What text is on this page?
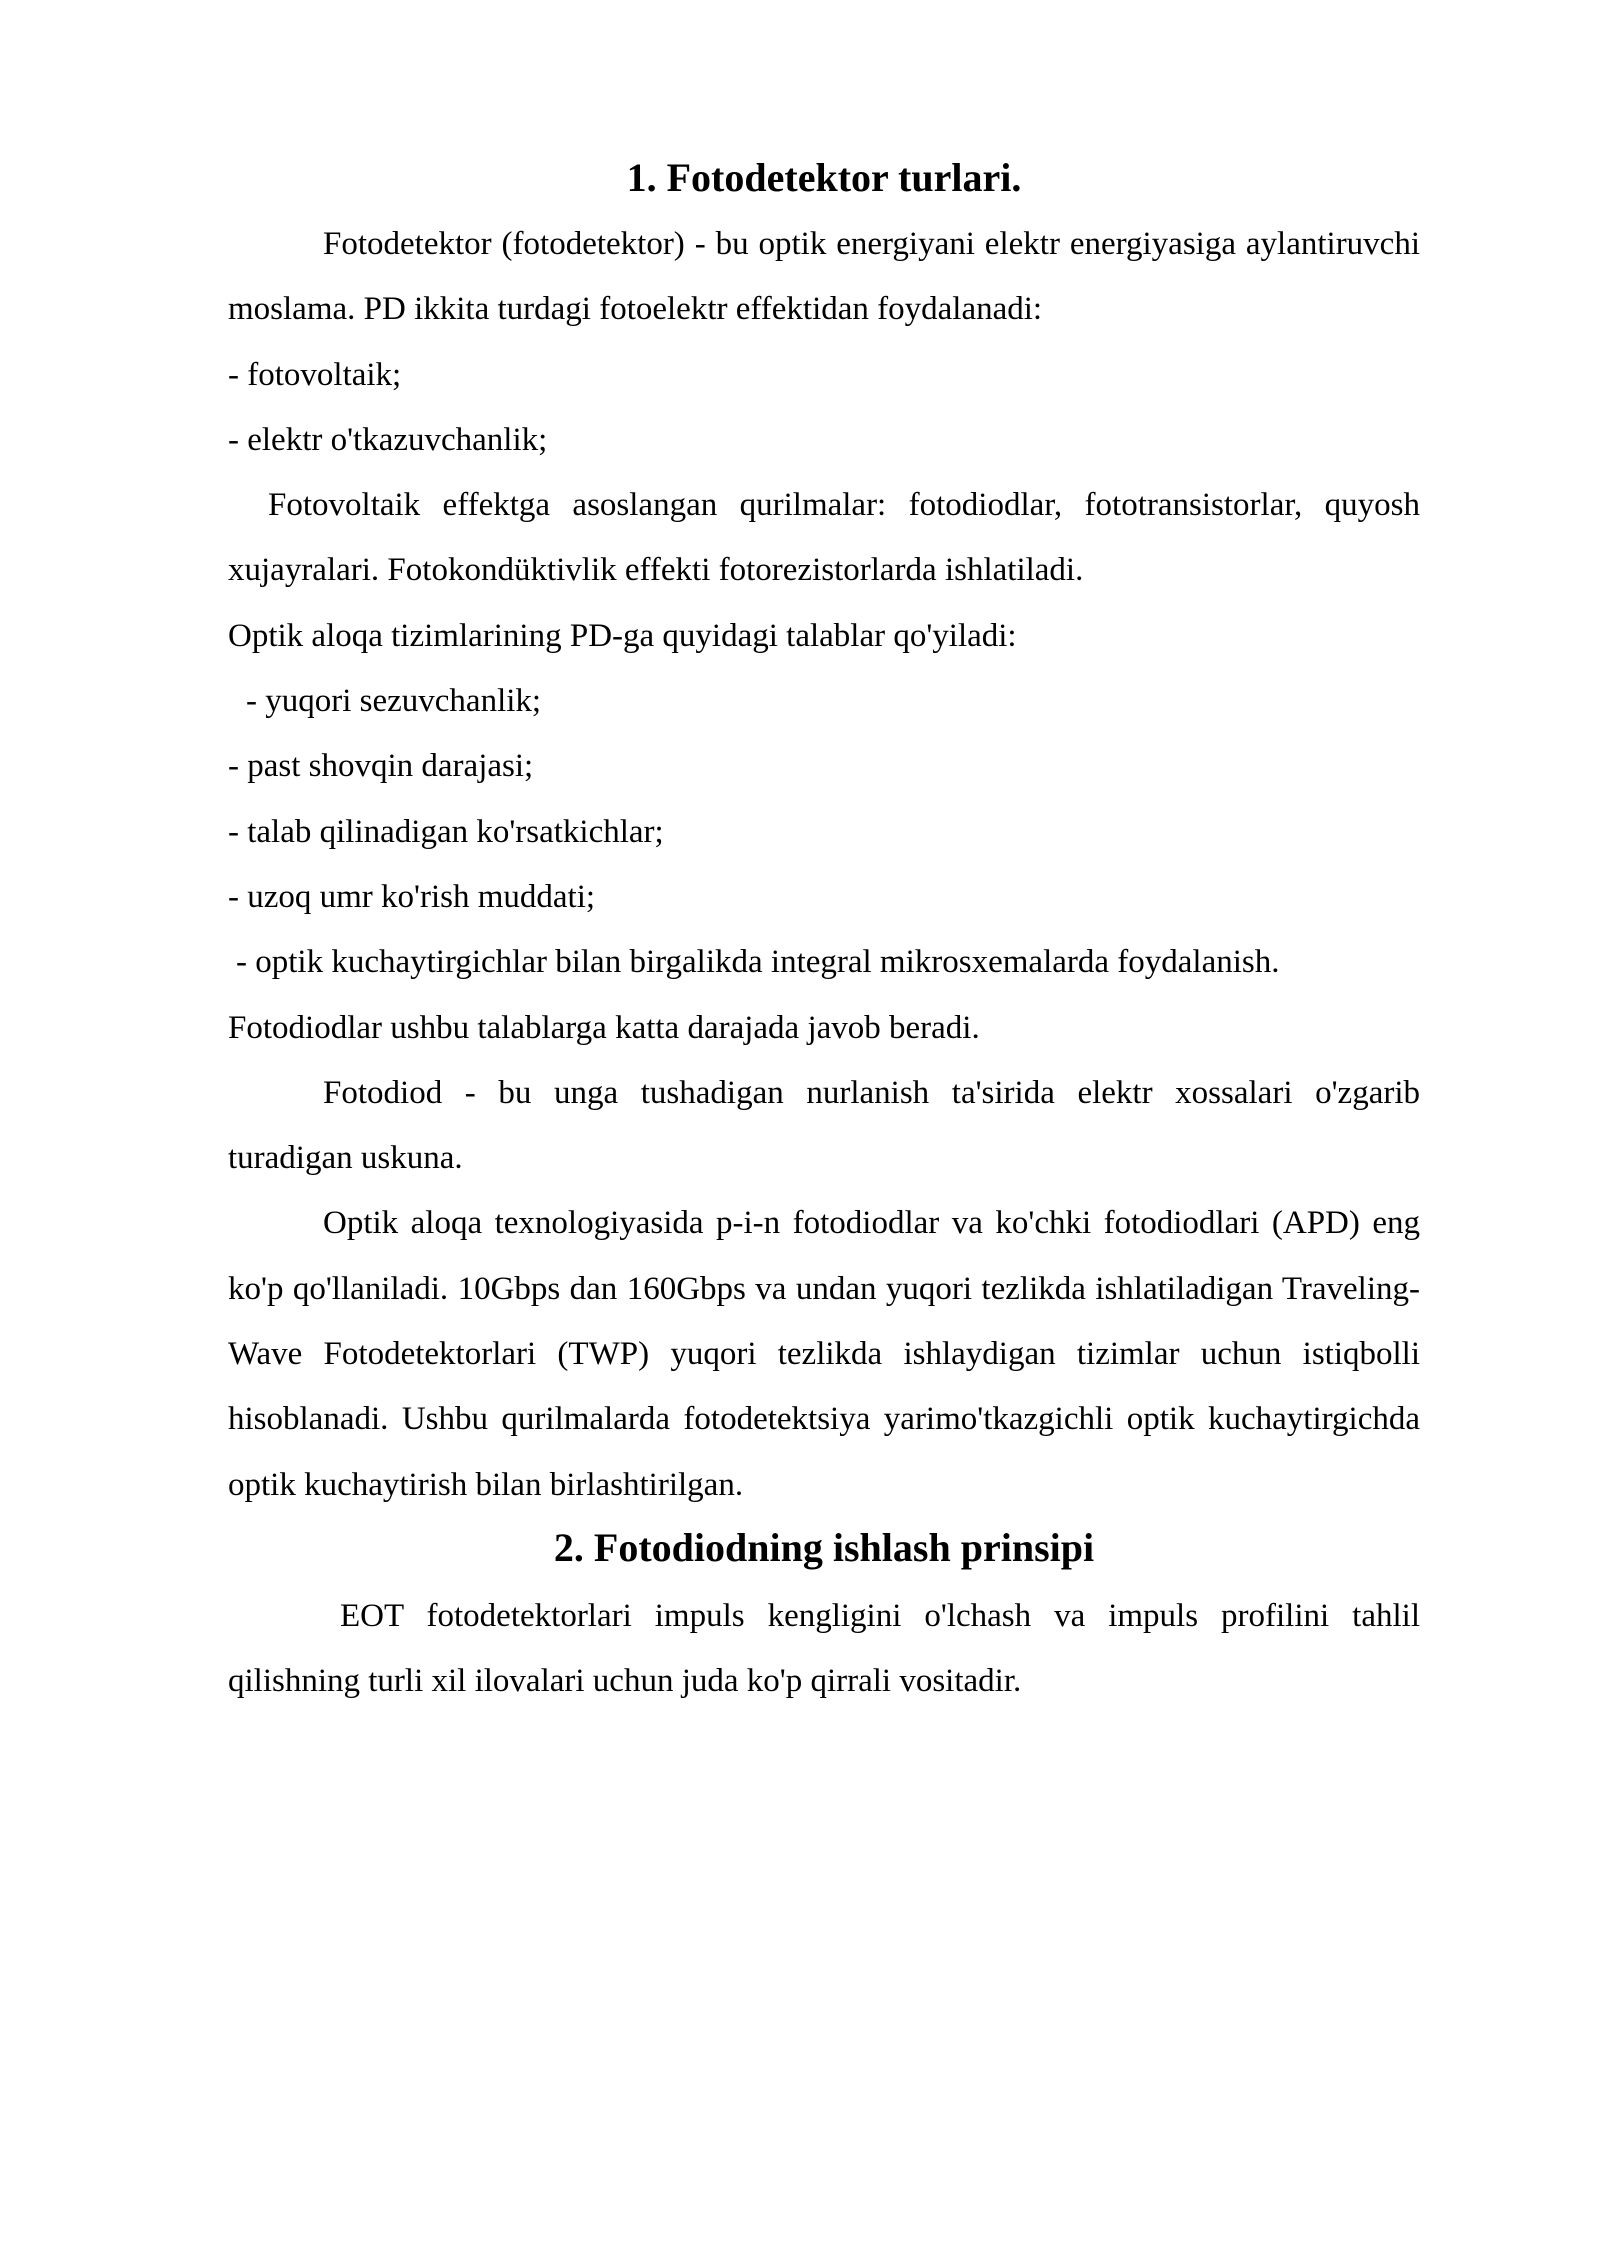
1. Fotodetektor turlari.

Fotodetektor (fotodetektor) - bu optik energiyani elektr energiyasiga aylantiruvchi moslama. PD ikkita turdagi fotoelektr effektidan foydalanadi:

- fotovoltaik;

- elektr o'tkazuvchanlik;

Fotovoltaik effektga asoslangan qurilmalar: fotodiodlar, fototransistorlar, quyosh xujayralari. Fotokondüktivlik effekti fotorezistorlarda ishlatiladi.

Optik aloqa tizimlarining PD-ga quyidagi talablar qo'yiladi:

- yuqori sezuvchanlik;

- past shovqin darajasi;

- talab qilinadigan ko'rsatkichlar;

- uzoq umr ko'rish muddati;

- optik kuchaytirgichlar bilan birgalikda integral mikrosxemalarda foydalanish.

Fotodiodlar ushbu talablarga katta darajada javob beradi.

Fotodiod - bu unga tushadigan nurlanish ta'sirida elektr xossalari o'zgarib turadigan uskuna.

Optik aloqa texnologiyasida p-i-n fotodiodlar va ko'chki fotodiodlari (APD) eng ko'p qo'llaniladi. 10Gbps dan 160Gbps va undan yuqori tezlikda ishlatiladigan Traveling-Wave Fotodetektorlari (TWP) yuqori tezlikda ishlaydigan tizimlar uchun istiqbolli hisoblanadi. Ushbu qurilmalarda fotodetektsiya yarimo'tkazgichli optik kuchaytirgichda optik kuchaytirish bilan birlashtirilgan.

2. Fotodiodning ishlash prinsipi

EOT fotodetektorlari impuls kengligini o'lchash va impuls profilini tahlil qilishning turli xil ilovalari uchun juda ko'p qirrali vositadir.
